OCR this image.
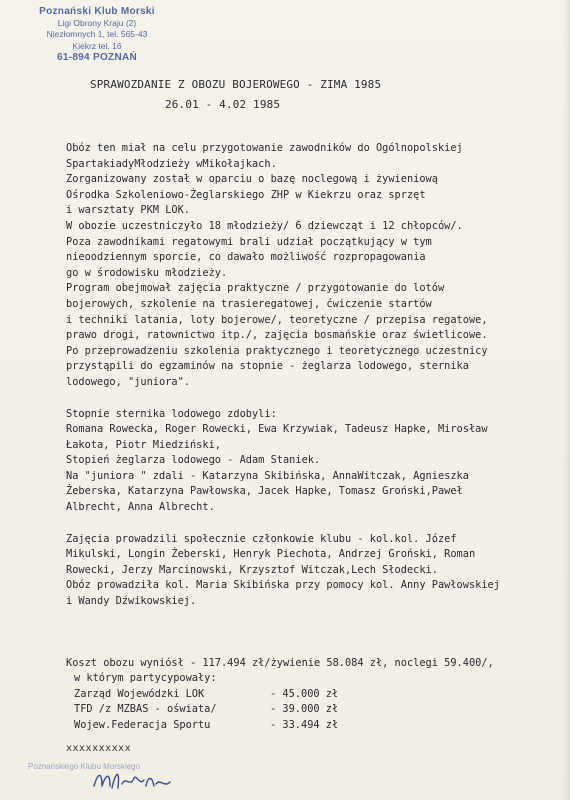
Poznański Klub Morski
Ligi Obrony Kraju (2)
Niezłomnych 1, tel. 565-43
Kiekrz tel. 16
61-894 POZNAŃ
SPRAWOZDANIE Z OBOZU BOJEROWEGO - ZIMA 1985
26.01 - 4.02 1985
Obóz ten miał na celu przygotowanie zawodników do Ogólnopolskiej
SpartakiadyMłodzieży wMikołajkach.
Zorganizowany został w oparciu o bazę noclegową i żywieniową
Ośrodka Szkoleniowo-Żeglarskiego ZHP w Kiekrzu oraz sprzęt
i warsztaty PKM LOK.
W obozie uczestniczyło 18 młodzieży/ 6 dziewcząt i 12 chłopców/.
Poza zawodnikami regatowymi brali udział początkujący w tym
nieoodziennym sporcie, co dawało możliwość rozpropagowania
go w środowisku młodzieży.
Program obejmował zajęcia praktyczne / przygotowanie do lotów
bojerowych, szkolenie na trasieregatowej, ćwiczenie startów
i techniki latania, loty bojerowe/, teoretyczne / przepisa regatowe,
prawo drogi, ratownictwo itp./, zajęcia bosmańskie oraz świetlicowe.
Po przeprowadzeniu szkolenia praktycznego i teoretycznego uczestnicy
przystąpili do egzaminów na stopnie - żeglarza lodowego, sternika
lodowego, "juniora".
Stopnie sternika lodowego zdobyli:
Romana Rowecka, Roger Rowecki, Ewa Krzywiak, Tadeusz Hapke, Mirosław
Łakota, Piotr Miedziński,
Stopień żeglarza lodowego - Adam Staniek.
Na "juniora " zdali - Katarzyna Skibińska, AnnaWitczak, Agnieszka
Żeberska, Katarzyna Pawłowska, Jacek Hapke, Tomasz Groński,Paweł
Albrecht, Anna Albrecht.
Zajęcia prowadzili społecznie członkowie klubu - kol.kol. Józef
Mikulski, Longin Żeberski, Henryk Piechota, Andrzej Groński, Roman
Rowecki, Jerzy Marcinowski, Krzysztof Witczak,Lech Słodecki.
Obóz prowadziła kol. Maria Skibińska przy pomocy kol. Anny Pawłowskiej
i Wandy Dźwikowskiej.
Koszt obozu wyniósł - 117.494 zł/żywienie 58.084 zł, noclegi 59.400/,
w którym partycypowały:
Zarząd Wojewódzki LOK	- 45.000 zł
TFD /z MZBAS - oświata/	- 39.000 zł
Wojew.Federacja Sportu	- 33.494 zł
xxxxxxxxxx
Poznańskiego Klubu Morskiego
